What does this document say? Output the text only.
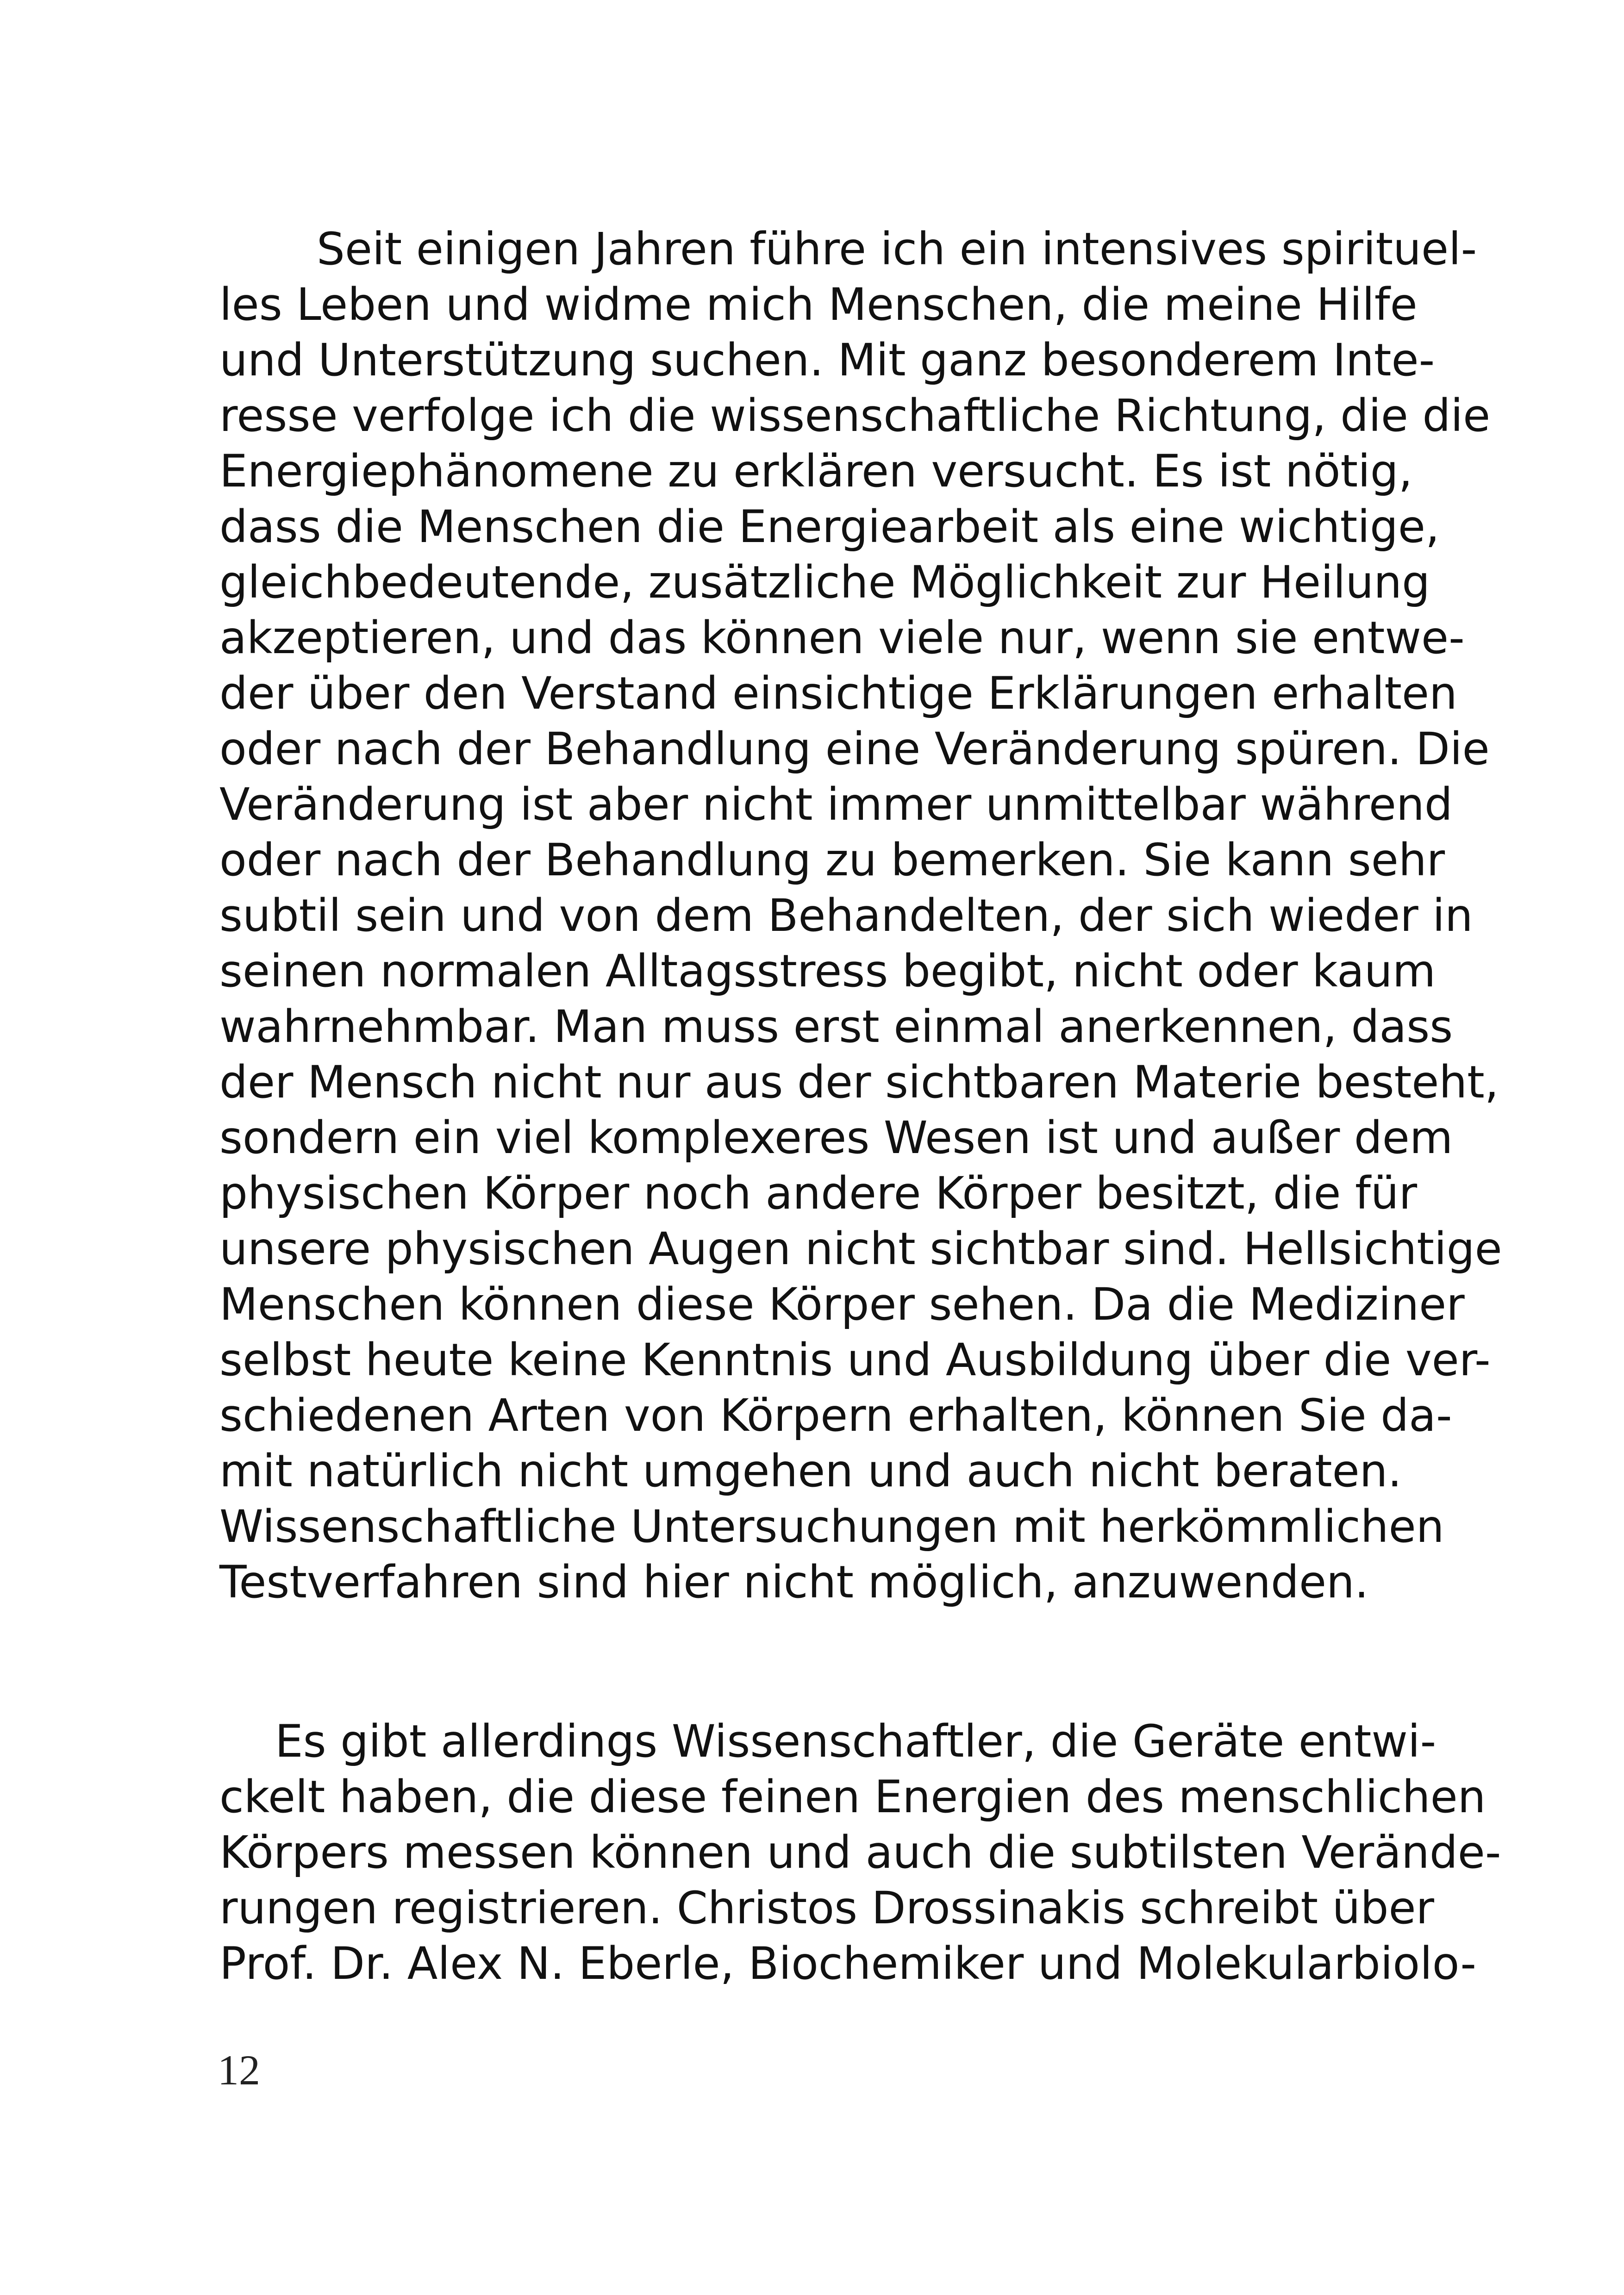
Seit einigen Jahren führe ich ein intensives spirituel-
les Leben und widme mich Menschen, die meine Hilfe
und Unterstützung suchen. Mit ganz besonderem Inte-
resse verfolge ich die wissenschaftliche Richtung, die die
Energiephänomene zu erklären versucht. Es ist nötig,
dass die Menschen die Energiearbeit als eine wichtige,
gleichbedeutende, zusätzliche Möglichkeit zur Heilung
akzeptieren, und das können viele nur, wenn sie entwe-
der über den Verstand einsichtige Erklärungen erhalten
oder nach der Behandlung eine Veränderung spüren. Die
Veränderung ist aber nicht immer unmittelbar während
oder nach der Behandlung zu bemerken. Sie kann sehr
subtil sein und von dem Behandelten, der sich wieder in
seinen normalen Alltagsstress begibt, nicht oder kaum
wahrnehmbar. Man muss erst einmal anerkennen, dass
der Mensch nicht nur aus der sichtbaren Materie besteht,
sondern ein viel komplexeres Wesen ist und außer dem
physischen Körper noch andere Körper besitzt, die für
unsere physischen Augen nicht sichtbar sind. Hellsichtige
Menschen können diese Körper sehen. Da die Mediziner
selbst heute keine Kenntnis und Ausbildung über die ver-
schiedenen Arten von Körpern erhalten, können Sie da-
mit natürlich nicht umgehen und auch nicht beraten.
Wissenschaftliche Untersuchungen mit herkömmlichen
Testverfahren sind hier nicht möglich, anzuwenden.
Es gibt allerdings Wissenschaftler, die Geräte entwi-
ckelt haben, die diese feinen Energien des menschlichen
Körpers messen können und auch die subtilsten Verände-
rungen registrieren. Christos Drossinakis schreibt über
Prof. Dr. Alex N. Eberle, Biochemiker und Molekularbiolo-
12
